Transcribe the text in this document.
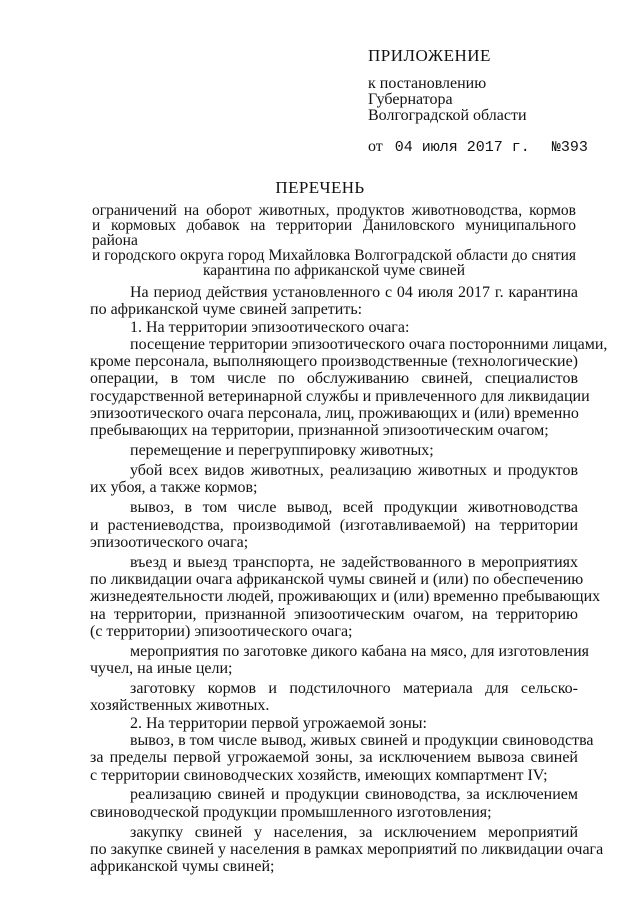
ПРИЛОЖЕНИЕ
к постановлению
Губернатора
Волгоградской области
от 04 июля 2017 г. №393
ПЕРЕЧЕНЬ
ограничений на оборот животных, продуктов животноводства, кормов
и кормовых добавок на территории Даниловского муниципального района
и городского округа город Михайловка Волгоградской области до снятия
карантина по африканской чуме свиней
На период действия установленного с 04 июля 2017 г. карантина
по африканской чуме свиней запретить:
1. На территории эпизоотического очага:
посещение территории эпизоотического очага посторонними лицами,
кроме персонала, выполняющего производственные (технологические)
операции, в том числе по обслуживанию свиней, специалистов
государственной ветеринарной службы и привлеченного для ликвидации
эпизоотического очага персонала, лиц, проживающих и (или) временно
пребывающих на территории, признанной эпизоотическим очагом;
перемещение и перегруппировку животных;
убой всех видов животных, реализацию животных и продуктов
их убоя, а также кормов;
вывоз, в том числе вывод, всей продукции животноводства
и растениеводства, производимой (изготавливаемой) на территории
эпизоотического очага;
въезд и выезд транспорта, не задействованного в мероприятиях
по ликвидации очага африканской чумы свиней и (или) по обеспечению
жизнедеятельности людей, проживающих и (или) временно пребывающих
на территории, признанной эпизоотическим очагом, на территорию
(с территории) эпизоотического очага;
мероприятия по заготовке дикого кабана на мясо, для изготовления
чучел, на иные цели;
заготовку кормов и подстилочного материала для сельско-
хозяйственных животных.
2. На территории первой угрожаемой зоны:
вывоз, в том числе вывод, живых свиней и продукции свиноводства
за пределы первой угрожаемой зоны, за исключением вывоза свиней
с территории свиноводческих хозяйств, имеющих компартмент IV;
реализацию свиней и продукции свиноводства, за исключением
свиноводческой продукции промышленного изготовления;
закупку свиней у населения, за исключением мероприятий
по закупке свиней у населения в рамках мероприятий по ликвидации очага
африканской чумы свиней;
